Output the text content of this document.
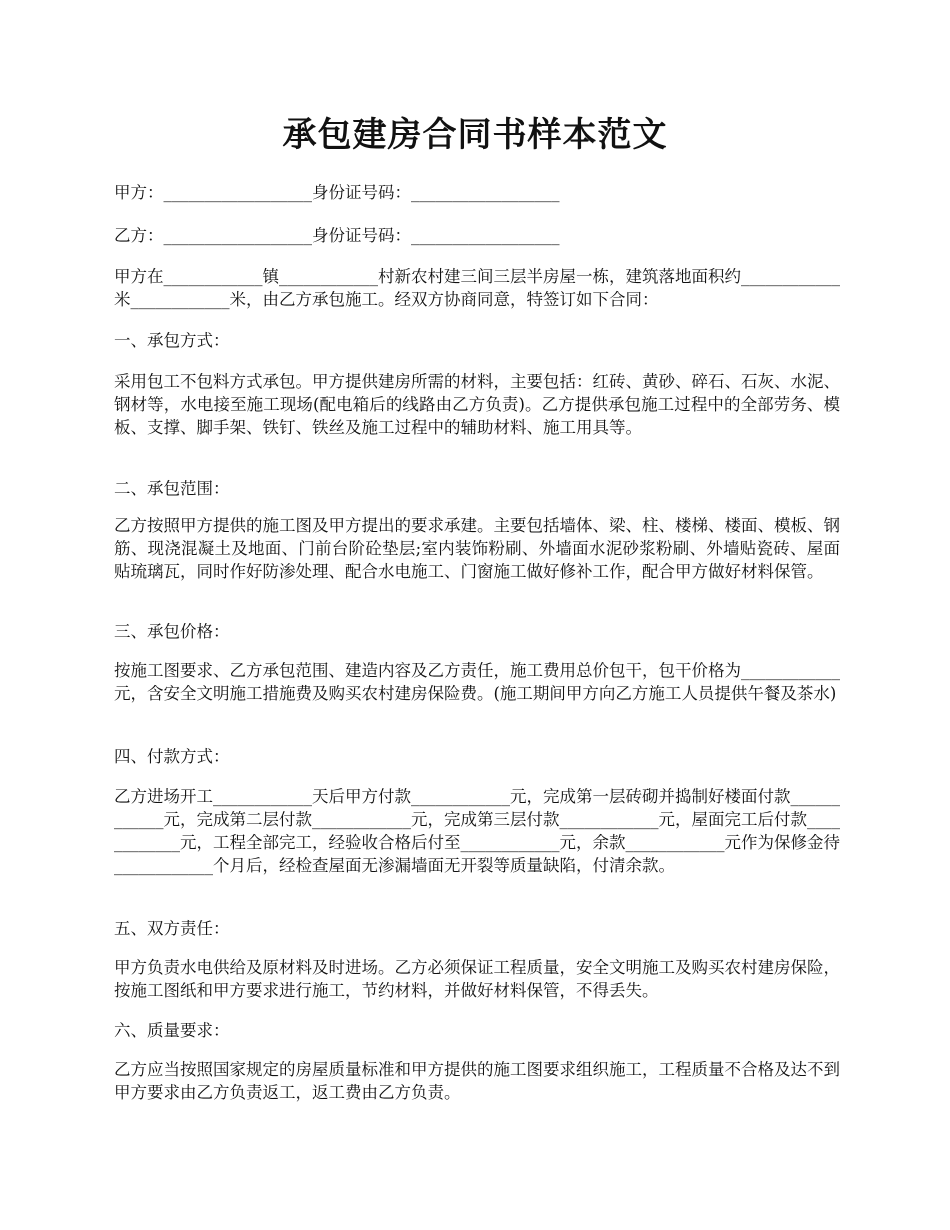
承包建房合同书样本范文

甲方：__________________身份证号码：__________________

乙方：__________________身份证号码：__________________

甲方在____________镇____________村新农村建三间三层半房屋一栋，建筑落地面积约____________米____________米，由乙方承包施工。经双方协商同意，特签订如下合同：

一、承包方式：

采用包工不包料方式承包。甲方提供建房所需的材料，主要包括：红砖、黄砂、碎石、石灰、水泥、钢材等，水电接至施工现场(配电箱后的线路由乙方负责)。乙方提供承包施工过程中的全部劳务、模板、支撑、脚手架、铁钉、铁丝及施工过程中的辅助材料、施工用具等。

二、承包范围：

乙方按照甲方提供的施工图及甲方提出的要求承建。主要包括墙体、梁、柱、楼梯、楼面、模板、钢筋、现浇混凝土及地面、门前台阶砼垫层;室内装饰粉刷、外墙面水泥砂浆粉刷、外墙贴瓷砖、屋面贴琉璃瓦，同时作好防渗处理、配合水电施工、门窗施工做好修补工作，配合甲方做好材料保管。

三、承包价格：

按施工图要求、乙方承包范围、建造内容及乙方责任，施工费用总价包干，包干价格为____________元，含安全文明施工措施费及购买农村建房保险费。(施工期间甲方向乙方施工人员提供午餐及茶水)

四、付款方式：

乙方进场开工____________天后甲方付款____________元，完成第一层砖砌并捣制好楼面付款____________元，完成第二层付款____________元，完成第三层付款____________元，屋面完工后付款____________元，工程全部完工，经验收合格后付至____________元，余款____________元作为保修金待____________个月后，经检查屋面无渗漏墙面无开裂等质量缺陷，付清余款。

五、双方责任：

甲方负责水电供给及原材料及时进场。乙方必须保证工程质量，安全文明施工及购买农村建房保险，按施工图纸和甲方要求进行施工，节约材料，并做好材料保管，不得丢失。

六、质量要求：

乙方应当按照国家规定的房屋质量标准和甲方提供的施工图要求组织施工，工程质量不合格及达不到甲方要求由乙方负责返工，返工费由乙方负责。
